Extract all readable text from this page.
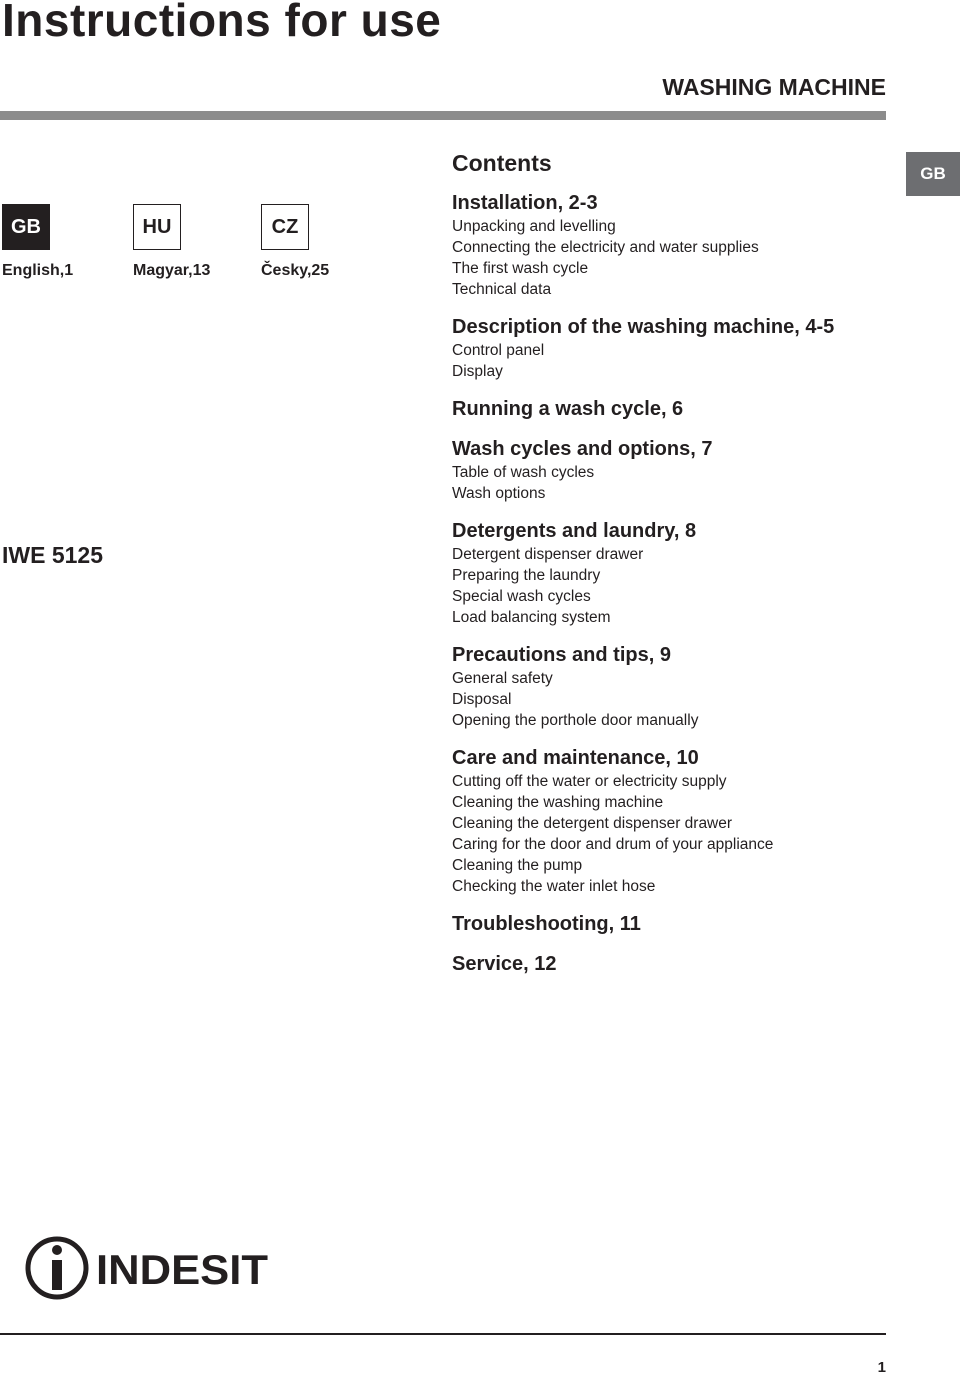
Instructions for use
WASHING MACHINE
GB
GB
English,1
HU
Magyar,13
CZ
Česky,25
IWE 5125
Contents
Installation, 2-3
Unpacking and levelling
Connecting the electricity and water supplies
The first wash cycle
Technical data
Description of the washing machine, 4-5
Control panel
Display
Running a wash cycle, 6
Wash cycles and options, 7
Table of wash cycles
Wash options
Detergents and laundry, 8
Detergent dispenser drawer
Preparing the laundry
Special wash cycles
Load balancing system
Precautions and tips, 9
General safety
Disposal
Opening the porthole door manually
Care and maintenance, 10
Cutting off the water or electricity supply
Cleaning the washing machine
Cleaning the detergent dispenser drawer
Caring for the door and drum of your appliance
Cleaning the pump
Checking the water inlet hose
Troubleshooting, 11
Service, 12
INDESIT
1
